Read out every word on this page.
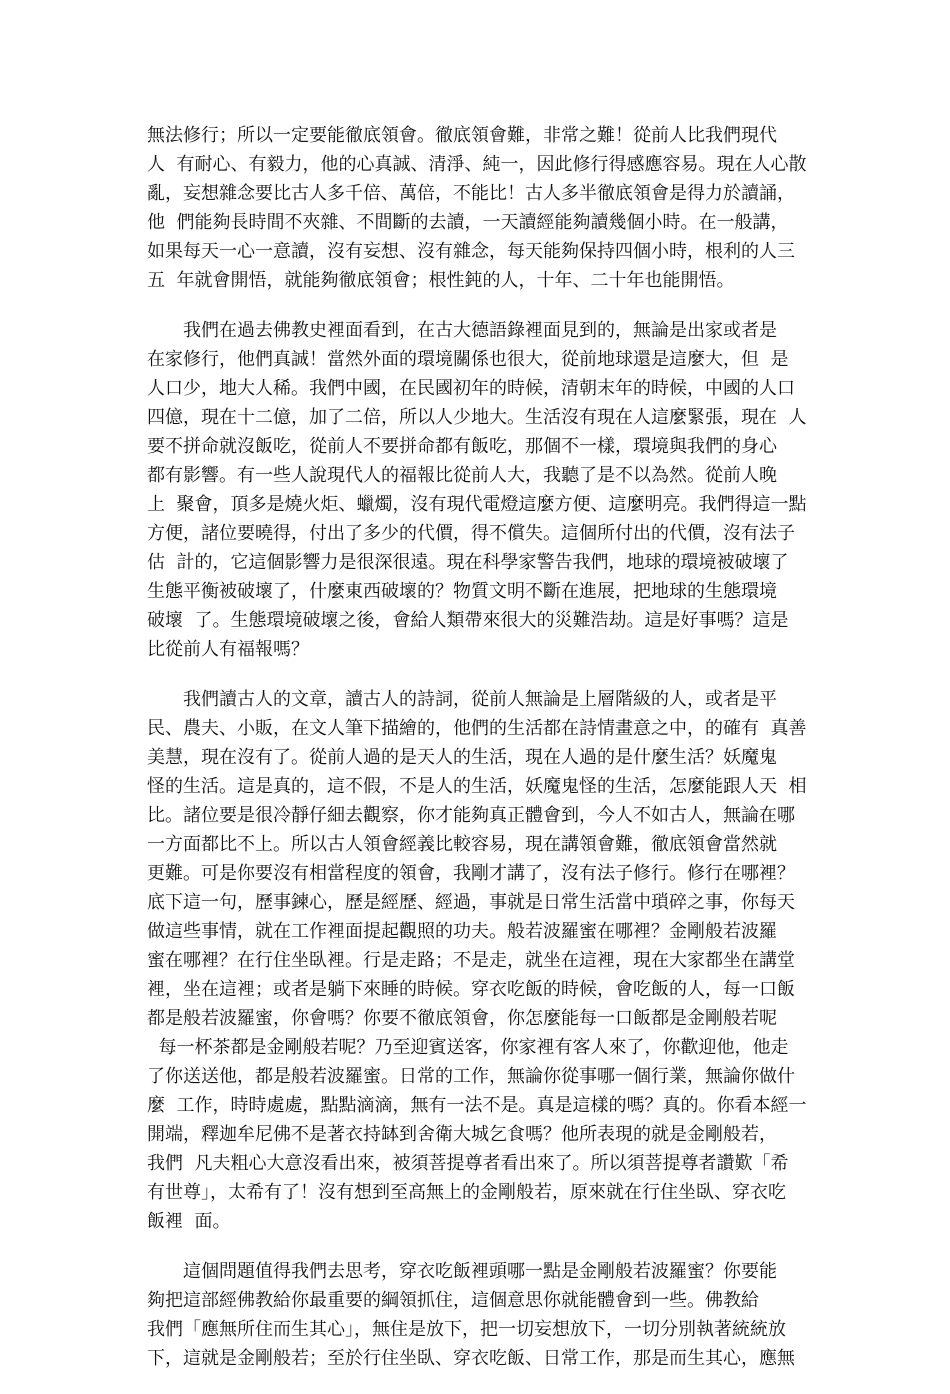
無法修行；所以一定要能徹底領會。徹底領會難，非常之難！從前人比我們現代
人  有耐心、有毅力，他的心真誠、清淨、純一，因此修行得感應容易。現在人心散
亂，妄想雜念要比古人多千倍、萬倍，不能比！古人多半徹底領會是得力於讀誦，
他  們能夠長時間不夾雜、不間斷的去讀，一天讀經能夠讀幾個小時。在一般講，
如果每天一心一意讀，沒有妄想、沒有雜念，每天能夠保持四個小時，根利的人三
五  年就會開悟，就能夠徹底領會；根性鈍的人，十年、二十年也能開悟。
　　我們在過去佛教史裡面看到，在古大德語錄裡面見到的，無論是出家或者是
在家修行，他們真誠！當然外面的環境關係也很大，從前地球還是這麼大，但  是
人口少，地大人稀。我們中國，在民國初年的時候，清朝末年的時候，中國的人口
四億，現在十二億，加了二倍，所以人少地大。生活沒有現在人這麼緊張，現在  人
要不拼命就沒飯吃，從前人不要拼命都有飯吃，那個不一樣，環境與我們的身心
都有影響。有一些人說現代人的福報比從前人大，我聽了是不以為然。從前人晚
上  聚會，頂多是燒火炬、蠟燭，沒有現代電燈這麼方便、這麼明亮。我們得這一點
方便，諸位要曉得，付出了多少的代價，得不償失。這個所付出的代價，沒有法子
估  計的，它這個影響力是很深很遠。現在科學家警告我們，地球的環境被破壞了
生態平衡被破壞了，什麼東西破壞的？物質文明不斷在進展，把地球的生態環境
破壞  了。生態環境破壞之後，會給人類帶來很大的災難浩劫。這是好事嗎？這是
比從前人有福報嗎？
　　我們讀古人的文章，讀古人的詩詞，從前人無論是上層階級的人，或者是平
民、農夫、小販，在文人筆下描繪的，他們的生活都在詩情畫意之中，的確有  真善
美慧，現在沒有了。從前人過的是天人的生活，現在人過的是什麼生活？妖魔鬼
怪的生活。這是真的，這不假，不是人的生活，妖魔鬼怪的生活，怎麼能跟人天  相
比。諸位要是很冷靜仔細去觀察，你才能夠真正體會到，今人不如古人，無論在哪
一方面都比不上。所以古人領會經義比較容易，現在講領會難，徹底領會當然就
更難。可是你要沒有相當程度的領會，我剛才講了，沒有法子修行。修行在哪裡？
底下這一句，歷事鍊心，歷是經歷、經過，事就是日常生活當中瑣碎之事，你每天
做這些事情，就在工作裡面提起觀照的功夫。般若波羅蜜在哪裡？金剛般若波羅
蜜在哪裡？在行住坐臥裡。行是走路；不是走，就坐在這裡，現在大家都坐在講堂
裡，坐在這裡；或者是躺下來睡的時候。穿衣吃飯的時候，會吃飯的人，每一口飯
都是般若波羅蜜，你會嗎？你要不徹底領會，你怎麼能每一口飯都是金剛般若呢
每一杯茶都是金剛般若呢？乃至迎賓送客，你家裡有客人來了，你歡迎他，他走
了你送送他，都是般若波羅蜜。日常的工作，無論你從事哪一個行業，無論你做什
麼  工作，時時處處，點點滴滴，無有一法不是。真是這樣的嗎？真的。你看本經一
開端，釋迦牟尼佛不是著衣持缽到舍衛大城乞食嗎？他所表現的就是金剛般若，
我們  凡夫粗心大意沒看出來，被須菩提尊者看出來了。所以須菩提尊者讚歎「希
有世尊」，太希有了！沒有想到至高無上的金剛般若，原來就在行住坐臥、穿衣吃
飯裡  面。
　　這個問題值得我們去思考，穿衣吃飯裡頭哪一點是金剛般若波羅蜜？你要能
夠把這部經佛教給你最重要的綱領抓住，這個意思你就能體會到一些。佛教給
我們「應無所住而生其心」，無住是放下，把一切妄想放下，一切分別執著統統放
下，這就是金剛般若；至於行住坐臥、穿衣吃飯、日常工作，那是而生其心，應無
